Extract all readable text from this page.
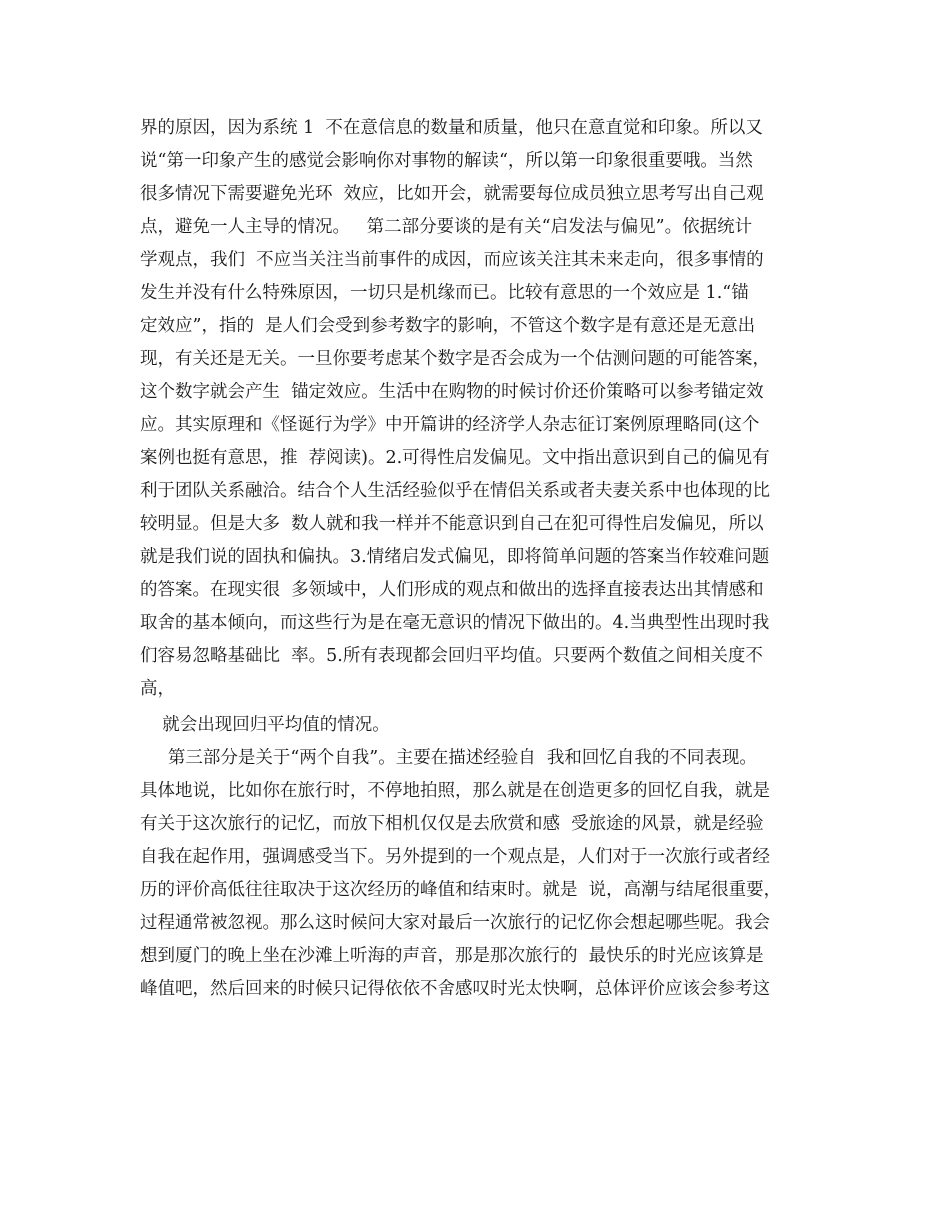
界的原因，因为系统 1  不在意信息的数量和质量，他只在意直觉和印象。所以又
说“第一印象产生的感觉会影响你对事物的解读“，所以第一印象很重要哦。当然
很多情况下需要避免光环  效应，比如开会，就需要每位成员独立思考写出自己观
点，避免一人主导的情况。   第二部分要谈的是有关“启发法与偏见”。依据统计
学观点，我们  不应当关注当前事件的成因，而应该关注其未来走向，很多事情的
发生并没有什么特殊原因，一切只是机缘而已。比较有意思的一个效应是 1.“锚
定效应”，指的  是人们会受到参考数字的影响，不管这个数字是有意还是无意出
现，有关还是无关。一旦你要考虑某个数字是否会成为一个估测问题的可能答案，
这个数字就会产生  锚定效应。生活中在购物的时候讨价还价策略可以参考锚定效
应。其实原理和《怪诞行为学》中开篇讲的经济学人杂志征订案例原理略同(这个
案例也挺有意思，推  荐阅读)。2.可得性启发偏见。文中指出意识到自己的偏见有
利于团队关系融洽。结合个人生活经验似乎在情侣关系或者夫妻关系中也体现的比
较明显。但是大多  数人就和我一样并不能意识到自己在犯可得性启发偏见，所以
就是我们说的固执和偏执。3.情绪启发式偏见，即将简单问题的答案当作较难问题
的答案。在现实很  多领域中，人们形成的观点和做出的选择直接表达出其情感和
取舍的基本倾向，而这些行为是在毫无意识的情况下做出的。4.当典型性出现时我
们容易忽略基础比  率。5.所有表现都会回归平均值。只要两个数值之间相关度不
高，
就会出现回归平均值的情况。
第三部分是关于“两个自我”。主要在描述经验自  我和回忆自我的不同表现。
具体地说，比如你在旅行时，不停地拍照，那么就是在创造更多的回忆自我，就是
有关于这次旅行的记忆，而放下相机仅仅是去欣赏和感  受旅途的风景，就是经验
自我在起作用，强调感受当下。另外提到的一个观点是，人们对于一次旅行或者经
历的评价高低往往取决于这次经历的峰值和结束时。就是  说，高潮与结尾很重要，
过程通常被忽视。那么这时候问大家对最后一次旅行的记忆你会想起哪些呢。我会
想到厦门的晚上坐在沙滩上听海的声音，那是那次旅行的  最快乐的时光应该算是
峰值吧，然后回来的时候只记得依依不舍感叹时光太快啊，总体评价应该会参考这
